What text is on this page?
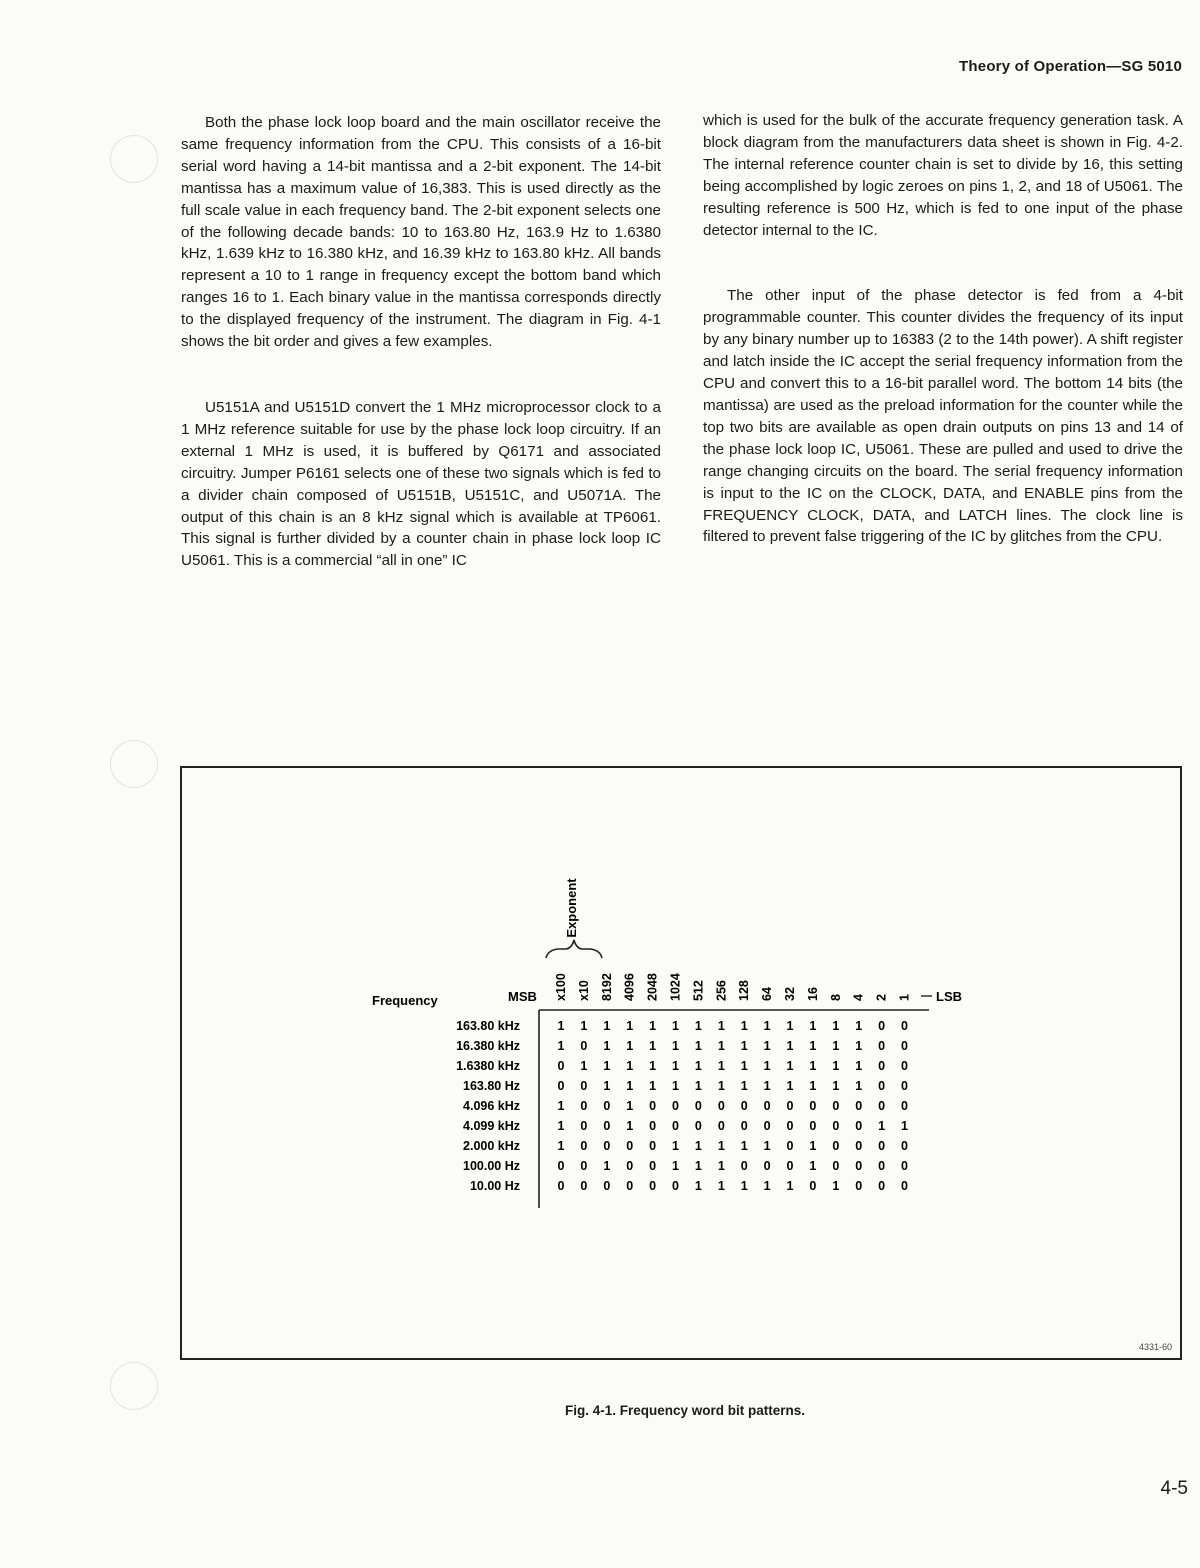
Theory of Operation—SG 5010

Both the phase lock loop board and the main oscillator receive the same frequency information from the CPU. This consists of a 16-bit serial word having a 14-bit mantissa and a 2-bit exponent. The 14-bit mantissa has a maximum value of 16,383. This is used directly as the full scale value in each frequency band. The 2-bit exponent selects one of the following decade bands: 10 to 163.80 Hz, 163.9 Hz to 1.6380 kHz, 1.639 kHz to 16.380 kHz, and 16.39 kHz to 163.80 kHz. All bands represent a 10 to 1 range in frequency except the bottom band which ranges 16 to 1. Each binary value in the mantissa corresponds directly to the displayed frequency of the instrument. The diagram in Fig. 4-1 shows the bit order and gives a few examples.

U5151A and U5151D convert the 1 MHz microprocessor clock to a 1 MHz reference suitable for use by the phase lock loop circuitry. If an external 1 MHz is used, it is buffered by Q6171 and associated circuitry. Jumper P6161 selects one of these two signals which is fed to a divider chain composed of U5151B, U5151C, and U5071A. The output of this chain is an 8 kHz signal which is available at TP6061. This signal is further divided by a counter chain in phase lock loop IC U5061. This is a commercial “all in one” IC

which is used for the bulk of the accurate frequency generation task. A block diagram from the manufacturers data sheet is shown in Fig. 4-2. The internal reference counter chain is set to divide by 16, this setting being accomplished by logic zeroes on pins 1, 2, and 18 of U5061. The resulting reference is 500 Hz, which is fed to one input of the phase detector internal to the IC.

The other input of the phase detector is fed from a 4-bit programmable counter. This counter divides the frequency of its input by any binary number up to 16383 (2 to the 14th power). A shift register and latch inside the IC accept the serial frequency information from the CPU and convert this to a 16-bit parallel word. The bottom 14 bits (the mantissa) are used as the preload information for the counter while the top two bits are available as open drain outputs on pins 13 and 14 of the phase lock loop IC, U5061. These are pulled and used to drive the range changing circuits on the board. The serial frequency information is input to the IC on the CLOCK, DATA, and ENABLE pins from the FREQUENCY CLOCK, DATA, and LATCH lines. The clock line is filtered to prevent false triggering of the IC by glitches from the CPU.

Exponent
Frequency	MSB	LSB
x100 x10 8192 4096 2048 1024 512 256 128 64 32 16 8 4 2 1
163.80 kHz	1 1 1 1 1 1 1 1 1 1 1 1 1 1 0 0
16.380 kHz	1 0 1 1 1 1 1 1 1 1 1 1 1 1 0 0
1.6380 kHz	0 1 1 1 1 1 1 1 1 1 1 1 1 1 0 0
163.80 Hz	0 0 1 1 1 1 1 1 1 1 1 1 1 1 0 0
4.096 kHz	1 0 0 1 0 0 0 0 0 0 0 0 0 0 0 0
4.099 kHz	1 0 0 1 0 0 0 0 0 0 0 0 0 0 1 1
2.000 kHz	1 0 0 0 0 1 1 1 1 1 0 1 0 0 0 0
100.00 Hz	0 0 1 0 0 1 1 1 0 0 0 1 0 0 0 0
10.00 Hz	0 0 0 0 0 0 1 1 1 1 1 0 1 0 0 0
4331-60
Fig. 4-1. Frequency word bit patterns.
4-5
